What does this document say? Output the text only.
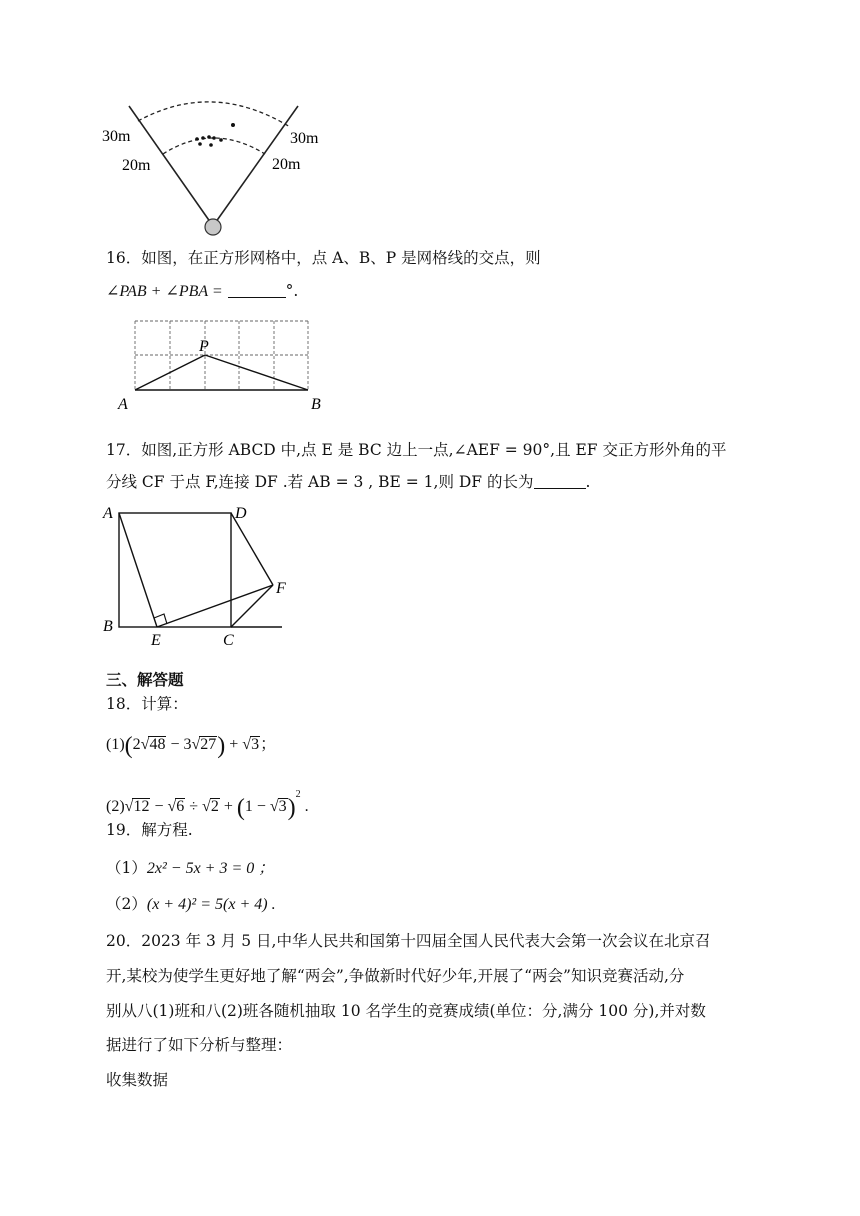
30m
20m
30m
20m
16．如图，在正方形网格中，点 A、B、P 是网格线的交点，则
∠PAB + ∠PBA =	°.
P
A	B
17．如图,正方形 ABCD 中,点 E 是 BC 边上一点,∠AEF = 90°,且 EF 交正方形外角的平
分线 CF 于点 F,连接 DF .若 AB = 3 , BE = 1,则 DF 的长为	.
A	D
F
B
E	C
三、解答题
18．计算：
(1)(2√48 − 3√27) + √3；
$(2)√12 - √6 \div √2 + (1 - √3)^2$ .
19．解方程.
（1）2x² − 5x + 3 = 0 ；
（2）(x + 4)² = 5(x + 4) .
20．2023 年 3 月 5 日,中华人民共和国第十四届全国人民代表大会第一次会议在北京召
开,某校为使学生更好地了解“两会”,争做新时代好少年,开展了“两会”知识竞赛活动,分
别从八(1)班和八(2)班各随机抽取 10 名学生的竞赛成绩(单位：分,满分 100 分),并对数
据进行了如下分析与整理：
收集数据
